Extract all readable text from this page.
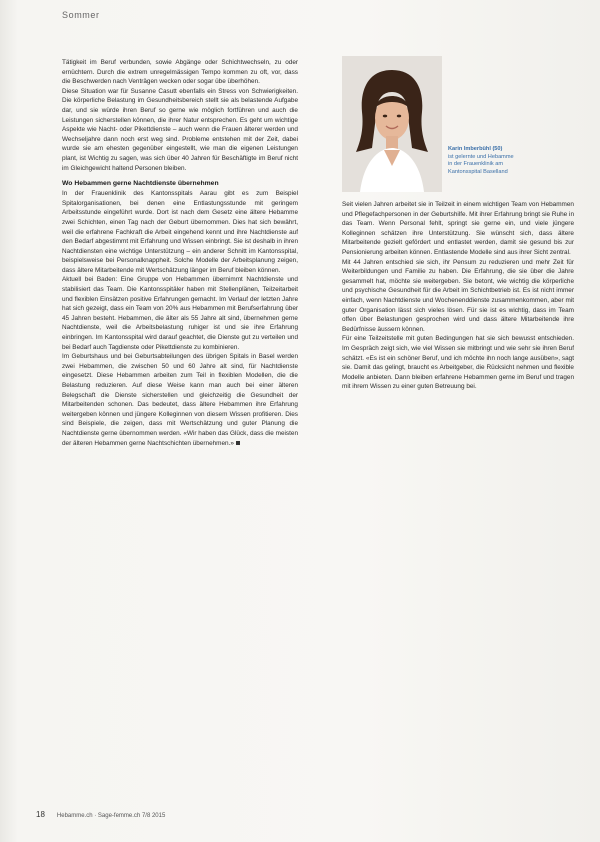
Sommer

Tätigkeit im Beruf verbunden, sowie Abgänge oder Schichtwechseln, zu oder ernüchtern. Durch die extrem unregelmässigen Tempo kommen zu oft, vor, dass die Beschwerden nach Venträgen wecken oder sogar übe überhöhen.

Diese Situation war für Susanne Casutt ebenfalls ein Stress von Schwierigkeiten. Die körperliche Belastung im Gesundheitsbereich stellt sie als belastende Aufgabe dar, und sie würde ihren Beruf so gerne wie möglich fortführen und auch die Leistungen sicherstellen können, die ihrer Natur entsprechen. Es geht um wichtige Aspekte wie Nacht- oder Pikettdienste – auch wenn die Frauen älterer werden und Wechseljahre dann noch erst weg sind. Probleme entstehen mit der Zeit, dabei wurde sie am ehesten gegenüber eingestellt, wie man die eigenen Leistungen plant, ist Wichtig zu sagen, was sich über 40 Jahren für Beschäftigte im Beruf nicht im Gleichgewicht haltend Personen bleiben.

Wo Hebammen gerne Nachtdienste übernehmen

In der Frauenklinik des Kantonsspitals Aarau gibt es zum Beispiel Spitalorganisationen, bei denen eine Entlastungsstunde mit geringem Arbeitsstunde eingeführt wurde. Dort ist nach dem Gesetz eine ältere Hebamme zwei Schichten, einen Tag nach der Geburt übernommen. Dies hat sich bewährt, weil die erfahrene Fachkraft die Arbeit eingehend kennt und ihre Nachtdienste auf den Bedarf abgestimmt mit Erfahrung und Wissen einbringt. Sie ist deshalb in ihren Nachtdiensten eine wichtige Unterstützung – ein anderer Schnitt im Kantonsspital, beispielsweise bei Personalknappheit. Solche Modelle der Arbeitsplanung zeigen, dass ältere Mitarbeitende mit Wertschätzung länger im Beruf bleiben können.

Aktuell bei Baden: Eine Gruppe von Hebammen übernimmt Nachtdienste und stabilisiert das Team. Die Kantonsspitäler haben mit Stellenplänen, Teilzeitarbeit und flexiblen Einsätzen positive Erfahrungen gemacht. Im Verlauf der letzten Jahre hat sich gezeigt, dass ein Team von 20% aus Hebammen mit Berufserfahrung über 45 Jahren besteht. Hebammen, die älter als 55 Jahre alt sind, übernehmen gerne Nachtdienste, weil die Arbeitsbelastung ruhiger ist und sie ihre Erfahrung einbringen. Im Kantonsspital wird darauf geachtet, die Dienste gut zu verteilen und bei Bedarf auch Tagdienste oder Pikettdienste zu kombinieren.

Im Geburtshaus und bei Geburtsabteilungen des übrigen Spitals in Basel werden zwei Hebammen, die zwischen 50 und 60 Jahre alt sind, für Nachtdienste eingesetzt. Diese Hebammen arbeiten zum Teil in flexiblen Modellen, die die Belastung reduzieren. Auf diese Weise kann man auch bei einer älteren Belegschaft die Dienste sicherstellen und gleichzeitig die Gesundheit der Mitarbeitenden schonen. Das bedeutet, dass ältere Hebammen ihre Erfahrung weitergeben können und jüngere Kolleginnen von diesem Wissen profitieren. Dies sind Beispiele, die zeigen, dass mit Wertschätzung und guter Planung die Nachtdienste gerne übernommen werden. «Wir haben das Glück, dass die meisten der älteren Hebammen gerne Nachtschichten übernehmen.»

Karin Imberbühl (50)
ist gelernte und Hebamme
in der Frauenklinik am
Kantonsspital Baselland

Seit vielen Jahren arbeitet sie in Teilzeit in einem wichtigen Team von Hebammen und Pflegefachpersonen in der Geburtshilfe. Mit ihrer Erfahrung bringt sie Ruhe in das Team. Wenn Personal fehlt, springt sie gerne ein, und viele jüngere Kolleginnen schätzen ihre Unterstützung. Sie wünscht sich, dass ältere Mitarbeitende gezielt gefördert und entlastet werden, damit sie gesund bis zur Pensionierung arbeiten können. Entlastende Modelle sind aus ihrer Sicht zentral.

Mit 44 Jahren entschied sie sich, ihr Pensum zu reduzieren und mehr Zeit für Weiterbildungen und Familie zu haben. Die Erfahrung, die sie über die Jahre gesammelt hat, möchte sie weitergeben. Sie betont, wie wichtig die körperliche und psychische Gesundheit für die Arbeit im Schichtbetrieb ist. Es ist nicht immer einfach, wenn Nachtdienste und Wochenenddienste zusammenkommen, aber mit guter Organisation lässt sich vieles lösen. Für sie ist es wichtig, dass im Team offen über Belastungen gesprochen wird und dass ältere Mitarbeitende ihre Bedürfnisse äussern können.

Für eine Teilzeitstelle mit guten Bedingungen hat sie sich bewusst entschieden. Im Gespräch zeigt sich, wie viel Wissen sie mitbringt und wie sehr sie ihren Beruf schätzt. «Es ist ein schöner Beruf, und ich möchte ihn noch lange ausüben», sagt sie. Damit das gelingt, braucht es Arbeitgeber, die Rücksicht nehmen und flexible Modelle anbieten. Dann bleiben erfahrene Hebammen gerne im Beruf und tragen mit ihrem Wissen zu einer guten Betreuung bei.

18 Hebamme.ch · Sage-femme.ch 7/8 2015
